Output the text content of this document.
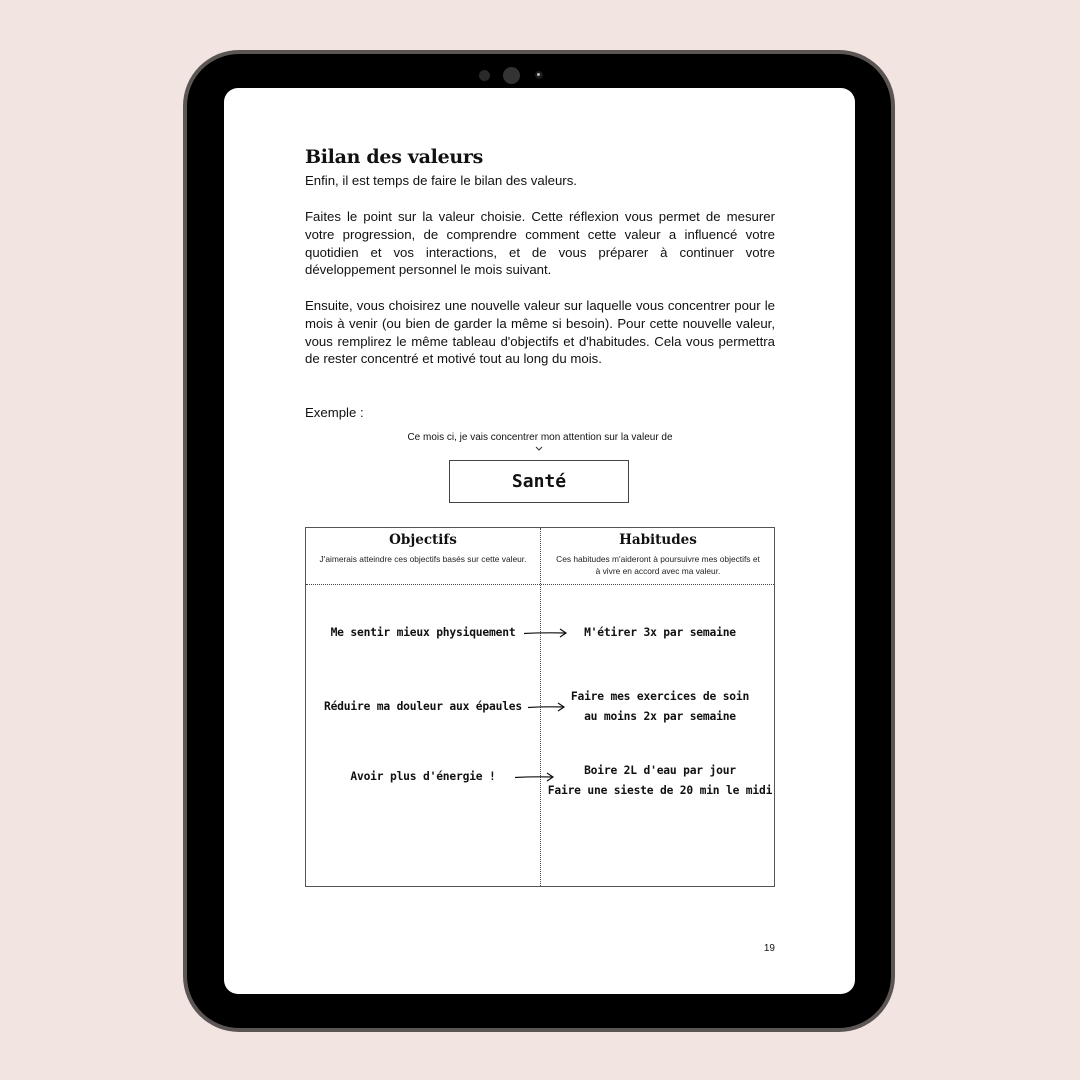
Bilan des valeurs

Enfin, il est temps de faire le bilan des valeurs.

Faites le point sur la valeur choisie. Cette réflexion vous permet de mesurer votre progression, de comprendre comment cette valeur a influencé votre quotidien et vos interactions, et de vous préparer à continuer votre développement personnel le mois suivant.

Ensuite, vous choisirez une nouvelle valeur sur laquelle vous concentrer pour le mois à venir (ou bien de garder la même si besoin). Pour cette nouvelle valeur, vous remplirez le même tableau d'objectifs et d'habitudes. Cela vous permettra de rester concentré et motivé tout au long du mois.

Exemple :

Ce mois ci, je vais concentrer mon attention sur la valeur de

Santé

Objectifs

J'aimerais atteindre ces objectifs basés sur cette valeur.

Habitudes

Ces habitudes m'aideront à poursuivre mes objectifs et à vivre en accord avec ma valeur.

Me sentir mieux physiquement	M'étirer 3x par semaine
Réduire ma douleur aux épaules
Faire mes exercices de soin
au moins 2x par semaine
Avoir plus d'énergie !	Boire 2L d'eau par jour
Faire une sieste de 20 min le midi
19
